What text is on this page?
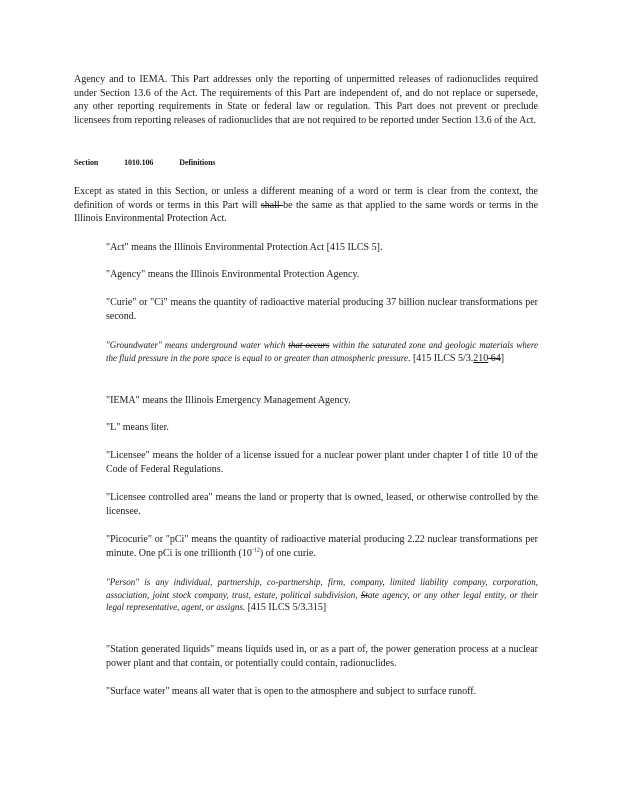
Agency and to IEMA. This Part addresses only the reporting of unpermitted releases of radionuclides required under Section 13.6 of the Act. The requirements of this Part are independent of, and do not replace or supersede, any other reporting requirements in State or federal law or regulation. This Part does not prevent or preclude licensees from reporting releases of radionuclides that are not required to be reported under Section 13.6 of the Act.

Section	1010.106	Definitions

Except as stated in this Section, or unless a different meaning of a word or term is clear from the context, the definition of words or terms in this Part will shall be the same as that applied to the same words or terms in the Illinois Environmental Protection Act.

"Act" means the Illinois Environmental Protection Act [415 ILCS 5].

"Agency" means the Illinois Environmental Protection Agency.

"Curie" or "Ci" means the quantity of radioactive material producing 37 billion nuclear transformations per second.

"Groundwater" means underground water which that occurs within the saturated zone and geologic materials where the fluid pressure in the pore space is equal to or greater than atmospheric pressure. [415 ILCS 5/3.210 64]

"IEMA" means the Illinois Emergency Management Agency.

"L" means liter.

"Licensee" means the holder of a license issued for a nuclear power plant under chapter I of title 10 of the Code of Federal Regulations.

"Licensee controlled area" means the land or property that is owned, leased, or otherwise controlled by the licensee.

"Picocurie" or "pCi" means the quantity of radioactive material producing 2.22 nuclear transformations per minute. One pCi is one trillionth $(10^{-12})$ of one curie.

"Person" is any individual, partnership, co-partnership, firm, company, limited liability company, corporation, association, joint stock company, trust, estate, political subdivision, State agency, or any other legal entity, or their legal representative, agent, or assigns. [415 ILCS 5/3.315]

"Station generated liquids" means liquids used in, or as a part of, the power generation process at a nuclear power plant and that contain, or potentially could contain, radionuclides.

"Surface water" means all water that is open to the atmosphere and subject to surface runoff.
